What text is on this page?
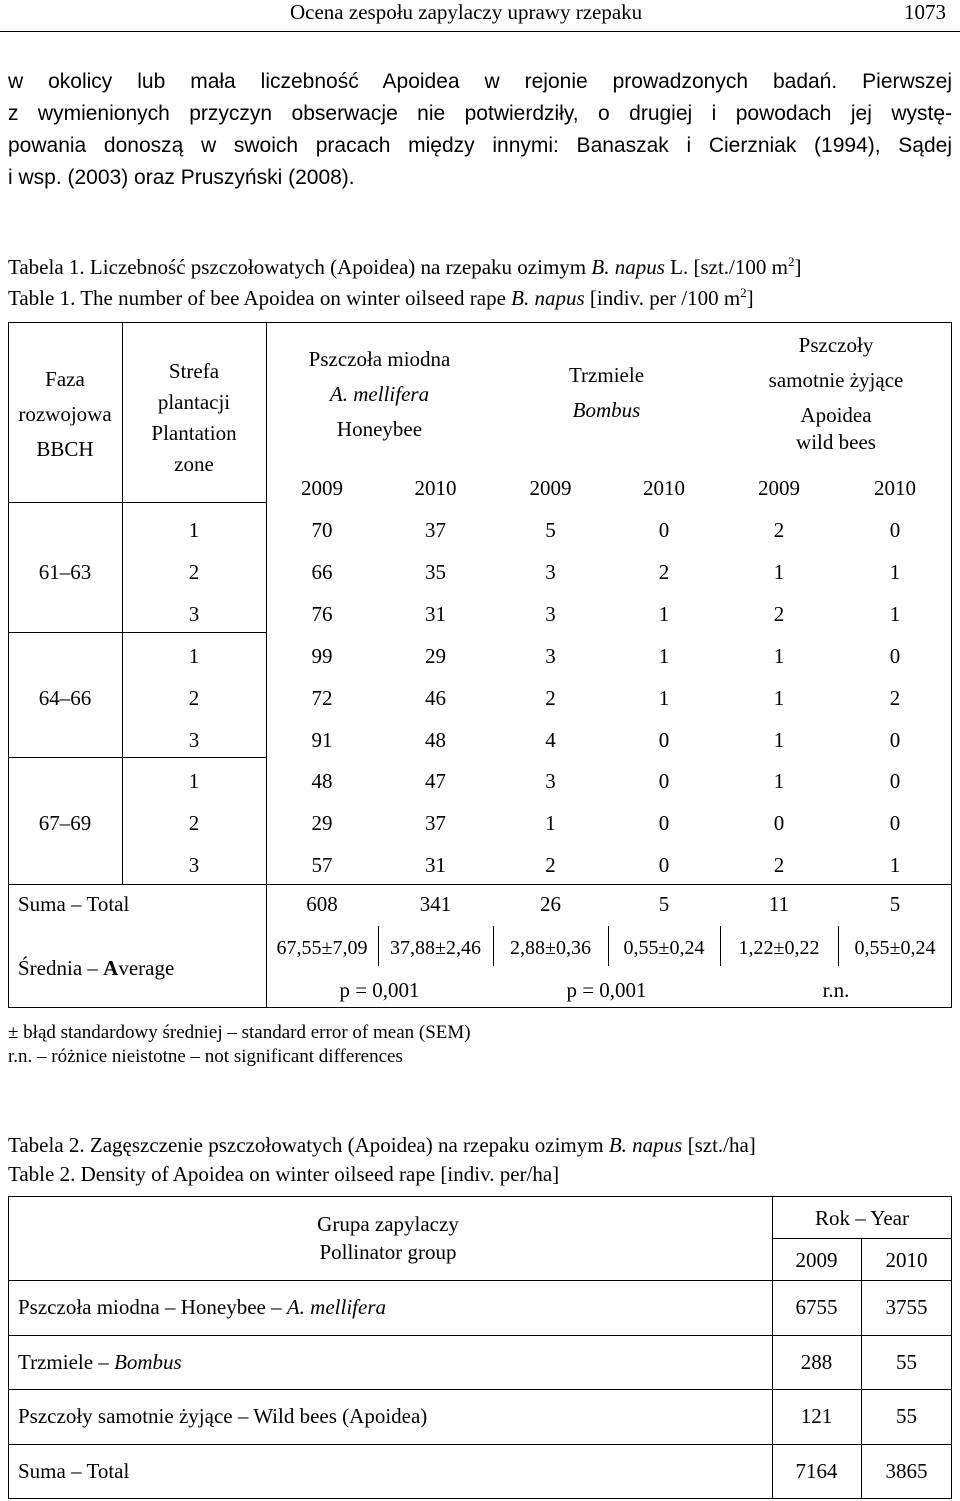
Ocena zespołu zapylaczy uprawy rzepaku	1073
w okolicy lub mała liczebność Apoidea w rejonie prowadzonych badań. Pierwszej
z wymienionych przyczyn obserwacje nie potwierdziły, o drugiej i powodach jej wystę-
powania donoszą w swoich pracach między innymi: Banaszak i Cierzniak (1994), Sądej
i wsp. (2003) oraz Pruszyński (2008).
Tabela 1. Liczebność pszczołowatych (Apoidea) na rzepaku ozimym B. napus L. [szt./100 $m^2$]
Table 1. The number of bee Apoidea on winter oilseed rape B. napus [indiv. per /100 $m^2$]
Faza
rozwojowa
BBCH
Strefa
plantacji
Plantation
zone
Pszczoła miodna
A. mellifera
Honeybee
Trzmiele
Bombus
Pszczoły
samotnie żyjące
Apoidea
wild bees
2009	2010	2009	2010	2009	2010
61–63
1	70	37	5	0	2	0
2	66	35	3	2	1	1
3	76	31	3	1	2	1
64–66
1	99	29	3	1	1	0
2	72	46	2	1	1	2
3	91	48	4	0	1	0
67–69
1	48	47	3	0	1	0
2	29	37	1	0	0	0
3	57	31	2	0	2	1
Suma – Total	608	341	26	5	11	5
Średnia – Average
67,55±7,09	37,88±2,46	2,88±0,36	0,55±0,24	1,22±0,22	0,55±0,24
p = 0,001	p = 0,001	r.n.
± błąd standardowy średniej – standard error of mean (SEM)
r.n. – różnice nieistotne – not significant differences
Tabela 2. Zagęszczenie pszczołowatych (Apoidea) na rzepaku ozimym B. napus [szt./ha]
Table 2. Density of Apoidea on winter oilseed rape [indiv. per/ha]
Grupa zapylaczy
Pollinator group
Rok – Year
2009	2010
Pszczoła miodna – Honeybee – A. mellifera	6755	3755
Trzmiele – Bombus	288	55
Pszczoły samotnie żyjące – Wild bees (Apoidea)	121	55
Suma – Total	7164	3865
